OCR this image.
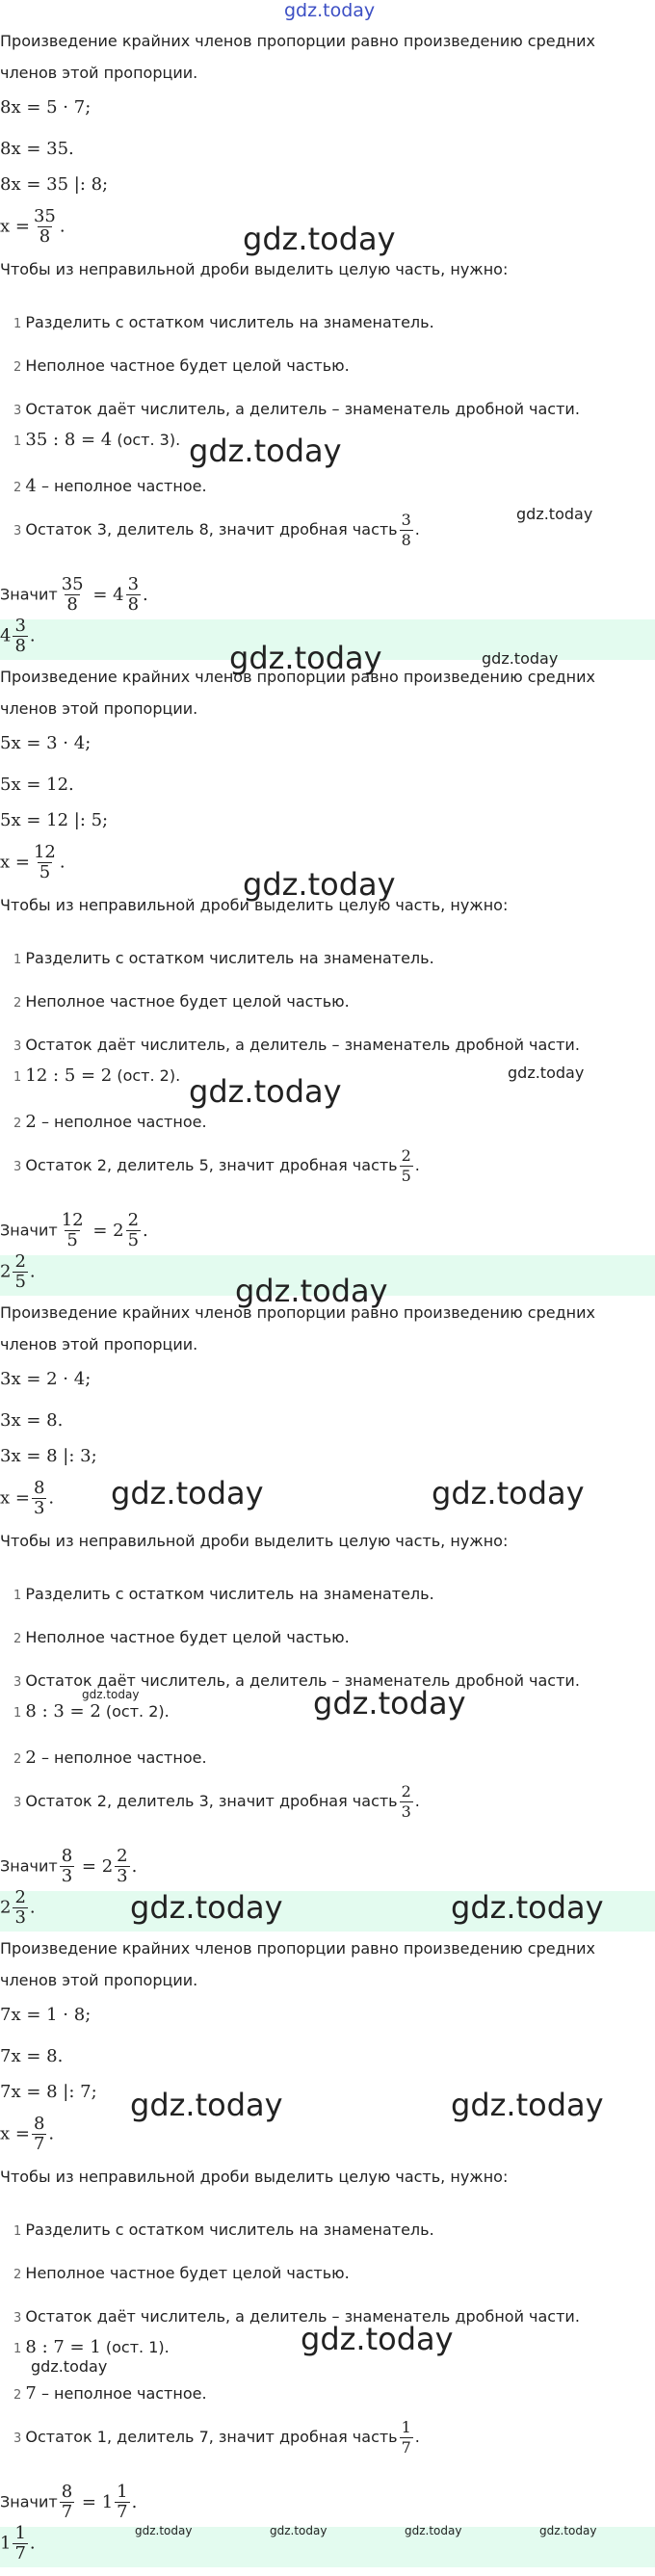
gdz.today
Произведение крайних членов пропорции равно произведению средних
членов этой пропорции.
8x = 5 · 7;
8x = 35.
8x = 35 |: 8;
$x = \frac{35}{8}$ .
Чтобы из неправильной дроби выделить целую часть, нужно:
1 Разделить с остатком числитель на знаменатель.
2 Неполное частное будет целой частью.
3 Остаток даёт числитель, а делитель – знаменатель дробной части.
1 35 : 8 = 4 (ост. 3).
2 4 – неполное частное.
3 Остаток 3, делитель 8, значит дробная часть $\frac{3}{8}$ .
Значит $\frac{35}{8} = 4 \frac{3}{8}$ .
$4 \frac{3}{8}$ .
Произведение крайних членов пропорции равно произведению средних
членов этой пропорции.
5x = 3 · 4;
5x = 12.
5x = 12 |: 5;
$x = \frac{12}{5}$ .
Чтобы из неправильной дроби выделить целую часть, нужно:
1 Разделить с остатком числитель на знаменатель.
2 Неполное частное будет целой частью.
3 Остаток даёт числитель, а делитель – знаменатель дробной части.
1 12 : 5 = 2 (ост. 2).
2 2 – неполное частное.
3 Остаток 2, делитель 5, значит дробная часть $\frac{2}{5}$ .
Значит $\frac{12}{5} = 2 \frac{2}{5}$ .
$2 \frac{2}{5}$ .
Произведение крайних членов пропорции равно произведению средних
членов этой пропорции.
3x = 2 · 4;
3x = 8.
3x = 8 |: 3;
$x = \frac{8}{3}$ .
Чтобы из неправильной дроби выделить целую часть, нужно:
1 Разделить с остатком числитель на знаменатель.
2 Неполное частное будет целой частью.
3 Остаток даёт числитель, а делитель – знаменатель дробной части.
1 8 : 3 = 2 (ост. 2).
2 2 – неполное частное.
3 Остаток 2, делитель 3, значит дробная часть $\frac{2}{3}$ .
Значит $\frac{8}{3} = 2 \frac{2}{3}$ .
$2 \frac{2}{3}$ .
Произведение крайних членов пропорции равно произведению средних
членов этой пропорции.
7x = 1 · 8;
7x = 8.
7x = 8 |: 7;
$x = \frac{8}{7}$ .
Чтобы из неправильной дроби выделить целую часть, нужно:
1 Разделить с остатком числитель на знаменатель.
2 Неполное частное будет целой частью.
3 Остаток даёт числитель, а делитель – знаменатель дробной части.
1 8 : 7 = 1 (ост. 1).
2 7 – неполное частное.
3 Остаток 1, делитель 7, значит дробная часть $\frac{1}{7}$ .
Значит $\frac{8}{7} = 1 \frac{1}{7}$ .
$1 \frac{1}{7}$ .
gdz.today
gdz.today
gdz.today
gdz.today	gdz.today
gdz.today
gdz.today
gdz.today
gdz.today
gdz.today	gdz.today
gdz.today
gdz.today
gdz.today	gdz.today
gdz.today	gdz.today
gdz.today
gdz.today
gdz.today	gdz.today	gdz.today	gdz.today
